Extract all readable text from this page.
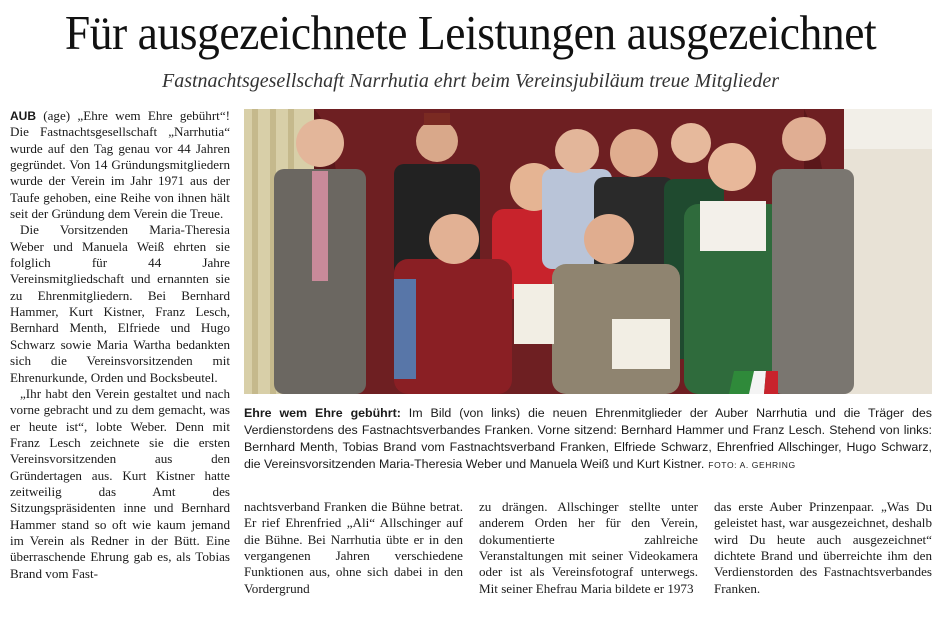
Für ausgezeichnete Leistungen ausgezeichnet
Fastnachtsgesellschaft Narrhutia ehrt beim Vereinsjubiläum treue Mitglieder

AUB (age) „Ehre wem Ehre gebührt“! Die Fastnachtsgesellschaft „Narrhutia“ wurde auf den Tag genau vor 44 Jahren gegründet. Von 14 Gründungsmitgliedern wurde der Verein im Jahr 1971 aus der Taufe gehoben, eine Reihe von ihnen hält seit der Gründung dem Verein die Treue.

Die Vorsitzenden Maria-Theresia Weber und Manuela Weiß ehrten sie folglich für 44 Jahre Vereinsmitgliedschaft und ernannten sie zu Ehrenmitgliedern. Bei Bernhard Hammer, Kurt Kistner, Franz Lesch, Bernhard Menth, Elfriede und Hugo Schwarz sowie Maria Wartha bedankten sich die Vereinsvorsitzenden mit Ehrenurkunde, Orden und Bocksbeutel.

„Ihr habt den Verein gestaltet und nach vorne gebracht und zu dem gemacht, was er heute ist“, lobte Weber. Denn mit Franz Lesch zeichnete sie die ersten Vereinsvorsitzenden aus den Gründertagen aus. Kurt Kistner hatte zeitweilig das Amt des Sitzungspräsidenten inne und Bernhard Hammer stand so oft wie kaum jemand im Verein als Redner in der Bütt. Eine überraschende Ehrung gab es, als Tobias Brand vom Fast-

Ehre wem Ehre gebührt: Im Bild (von links) die neuen Ehrenmitglieder der Auber Narrhutia und die Träger des Verdienstordens des Fastnachtsverbandes Franken. Vorne sitzend: Bernhard Hammer und Franz Lesch. Stehend von links: Bernhard Menth, Tobias Brand vom Fastnachtsverband Franken, Elfriede Schwarz, Ehrenfried Allschinger, Hugo Schwarz, die Vereinsvorsitzenden Maria-Theresia Weber und Manuela Weiß und Kurt Kistner. FOTO: A. GEHRING

nachtsverband Franken die Bühne betrat. Er rief Ehrenfried „Ali“ Allschinger auf die Bühne. Bei Narrhutia übte er in den vergangenen Jahren verschiedene Funktionen aus, ohne sich dabei in den Vordergrund

zu drängen. Allschinger stellte unter anderem Orden her für den Verein, dokumentierte zahlreiche Veranstaltungen mit seiner Videokamera oder ist als Vereinsfotograf unterwegs. Mit seiner Ehefrau Maria bildete er 1973

das erste Auber Prinzenpaar. „Was Du geleistet hast, war ausgezeichnet, deshalb wird Du heute auch ausgezeichnet“ dichtete Brand und überreichte ihm den Verdienstorden des Fastnachtsverbandes Franken.
